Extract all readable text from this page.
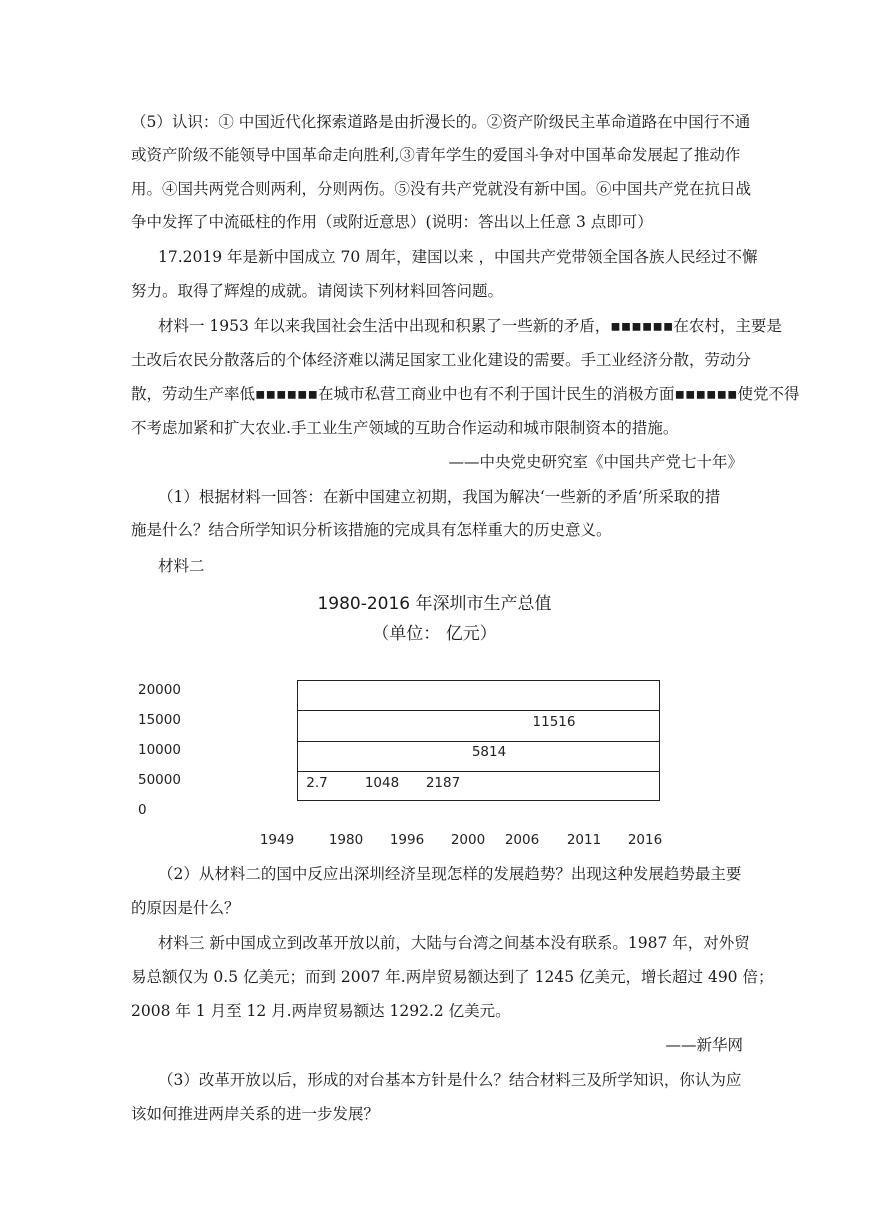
（5）认识：① 中国近代化探索道路是由折漫长的。②资产阶级民主革命道路在中国行不通
或资产阶级不能领导中国革命走向胜利,③青年学生的爱国斗争对中国革命发展起了推动作
用。④国共两党合则两利，分则两伤。⑤没有共产党就没有新中国。⑥中国共产党在抗日战
争中发挥了中流砥柱的作用（或附近意思）(说明：答出以上任意 3 点即可）
17.2019 年是新中国成立 70 周年，建国以来 ，中国共产党带领全国各族人民经过不懈
努力。取得了辉煌的成就。请阅读下列材料回答问题。
材料一 1953 年以来我国社会生活中出现和积累了一些新的矛盾，▪▪▪▪▪▪在农村，主要是
土改后农民分散落后的个体经济难以满足国家工业化建设的需要。手工业经济分散，劳动分
散，劳动生产率低▪▪▪▪▪▪在城市私营工商业中也有不利于国计民生的消极方面▪▪▪▪▪▪使党不得
不考虑加紧和扩大农业.手工业生产领域的互助合作运动和城市限制资本的措施。
——中央党史研究室《中国共产党七十年》
（1）根据材料一回答：在新中国建立初期，我国为解决‘一些新的矛盾’所采取的措
施是什么？结合所学知识分析该措施的完成具有怎样重大的历史意义。
材料二
1980-2016 年深圳市生产总值
（单位： 亿元）
20000
15000
10000
50000
0
2.7	1048 2187
5814
11516
1949	1980 1996 2000 2006 2011 2016
（2）从材料二的国中反应出深圳经济呈现怎样的发展趋势？出现这种发展趋势最主要
的原因是什么？
材料三 新中国成立到改革开放以前，大陆与台湾之间基本没有联系。1987 年，对外贸
易总额仅为 0.5 亿美元；而到 2007 年.两岸贸易额达到了 1245 亿美元，增长超过 490 倍；
2008 年 1 月至 12 月.两岸贸易额达 1292.2 亿美元。
——新华网
（3）改革开放以后，形成的对台基本方针是什么？结合材料三及所学知识，你认为应
该如何推进两岸关系的进一步发展？
